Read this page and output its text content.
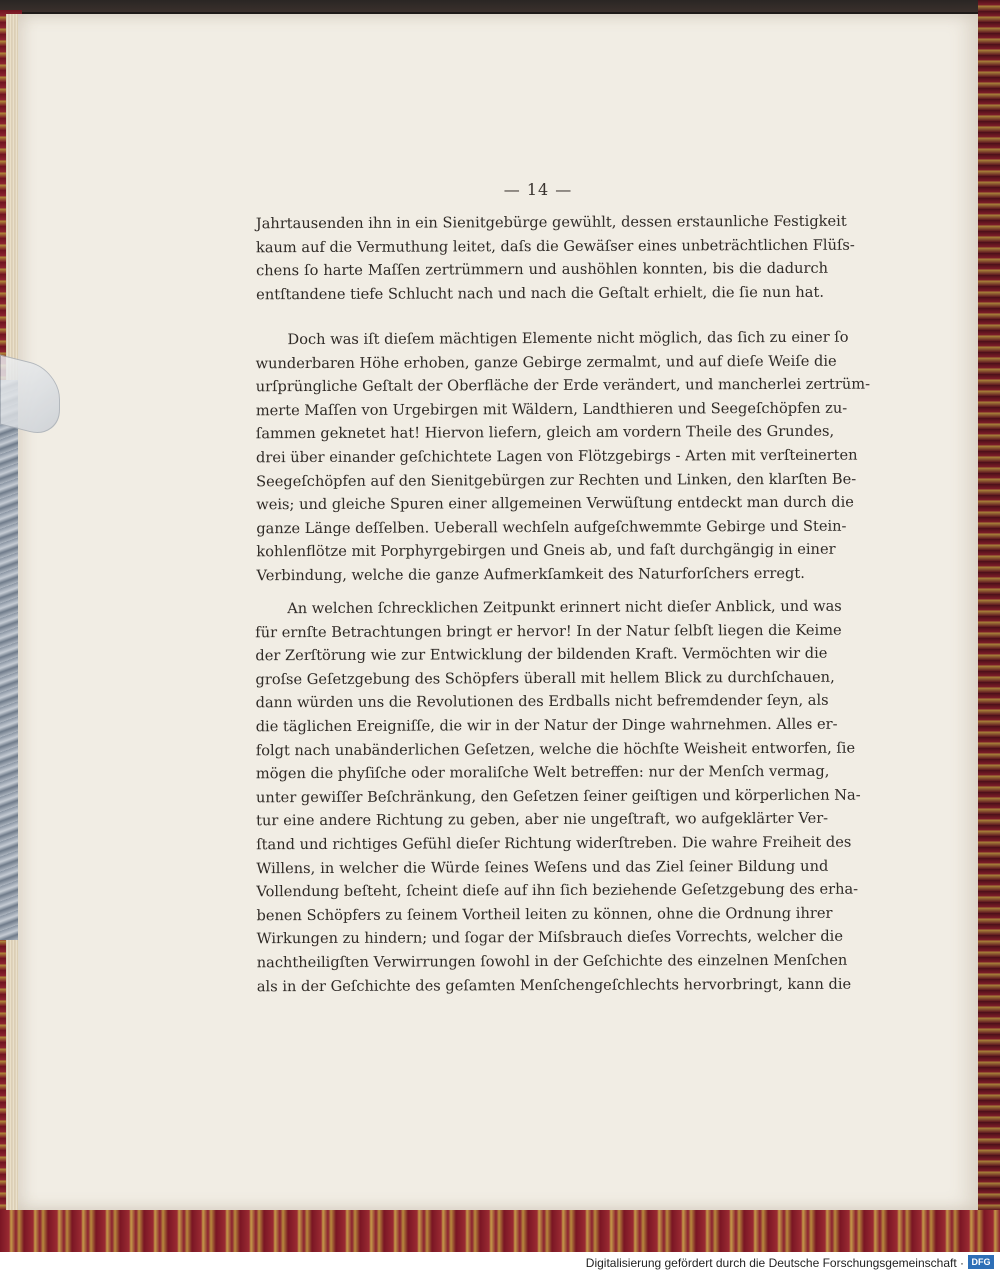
— 14 —
Jahrtausenden ihn in ein Sienitgebürge gewühlt, dessen erstaunliche Festigkeit
kaum auf die Vermuthung leitet, daſs die Gewäſser eines unbeträchtlichen Flüſs-
chens ſo harte Maſſen zertrümmern und aushöhlen konnten, bis die dadurch
entſtandene tiefe Schlucht nach und nach die Geſtalt erhielt, die ſie nun hat.
Doch was iſt dieſem mächtigen Elemente nicht möglich, das ſich zu einer ſo
wunderbaren Höhe erhoben, ganze Gebirge zermalmt, und auf dieſe Weiſe die
urſprüngliche Geſtalt der Oberfläche der Erde verändert, und mancherlei zertrüm-
merte Maſſen von Urgebirgen mit Wäldern, Landthieren und Seegeſchöpfen zu-
ſammen geknetet hat! Hiervon liefern, gleich am vordern Theile des Grundes,
drei über einander geſchichtete Lagen von Flötzgebirgs - Arten mit verſteinerten
Seegeſchöpfen auf den Sienitgebürgen zur Rechten und Linken, den klarſten Be-
weis; und gleiche Spuren einer allgemeinen Verwüſtung entdeckt man durch die
ganze Länge deſſelben. Ueberall wechſeln aufgeſchwemmte Gebirge und Stein-
kohlenflötze mit Porphyrgebirgen und Gneis ab, und faſt durchgängig in einer
Verbindung, welche die ganze Aufmerkſamkeit des Naturforſchers erregt.
An welchen ſchrecklichen Zeitpunkt erinnert nicht dieſer Anblick, und was
für ernſte Betrachtungen bringt er hervor! In der Natur ſelbſt liegen die Keime
der Zerſtörung wie zur Entwicklung der bildenden Kraft. Vermöchten wir die
groſse Geſetzgebung des Schöpfers überall mit hellem Blick zu durchſchauen,
dann würden uns die Revolutionen des Erdballs nicht befremdender ſeyn, als
die täglichen Ereigniſſe, die wir in der Natur der Dinge wahrnehmen. Alles er-
folgt nach unabänderlichen Geſetzen, welche die höchſte Weisheit entworfen, ſie
mögen die phyſiſche oder moraliſche Welt betreffen: nur der Menſch vermag,
unter gewiſſer Beſchränkung, den Geſetzen ſeiner geiſtigen und körperlichen Na-
tur eine andere Richtung zu geben, aber nie ungeſtraft, wo aufgeklärter Ver-
ſtand und richtiges Gefühl dieſer Richtung widerſtreben. Die wahre Freiheit des
Willens, in welcher die Würde ſeines Weſens und das Ziel ſeiner Bildung und
Vollendung beſteht, ſcheint dieſe auf ihn ſich beziehende Geſetzgebung des erha-
benen Schöpfers zu ſeinem Vortheil leiten zu können, ohne die Ordnung ihrer
Wirkungen zu hindern; und ſogar der Miſsbrauch dieſes Vorrechts, welcher die
nachtheiligſten Verwirrungen ſowohl in der Geſchichte des einzelnen Menſchen
als in der Geſchichte des geſamten Menſchengeſchlechts hervorbringt, kann die
Digitalisierung gefördert durch die Deutsche Forschungsgemeinschaft · DFG
